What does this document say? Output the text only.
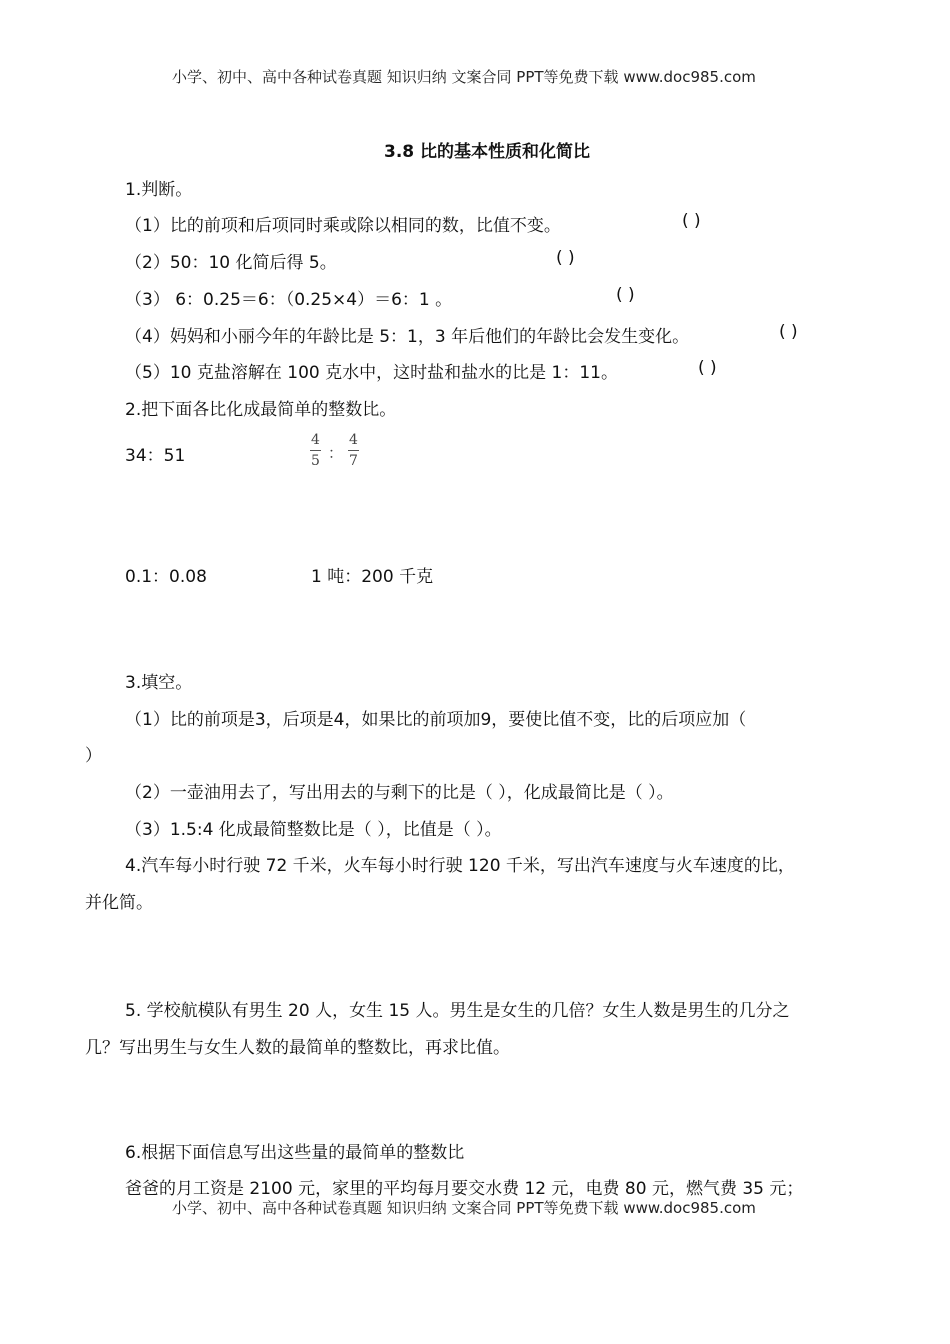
小学、初中、高中各种试卷真题 知识归纳 文案合同 PPT等免费下载 www.doc985.com
3.8 比的基本性质和化简比
1.判断。
（1）比的前项和后项同时乘或除以相同的数，比值不变。	( )
（2）50：10 化简后得 5。	( )
（3） 6：0.25＝6：（0.25×4）＝6：1 。	( )
（4）妈妈和小丽今年的年龄比是 5：1，3 年后他们的年龄比会发生变化。	( )
（5）10 克盐溶解在 100 克水中，这时盐和盐水的比是 1：11。	( )
2.把下面各比化成最简单的整数比。
34：51
4
5 ：
4
7
0.1：0.08	1 吨：200 千克
3.填空。
（1）比的前项是3，后项是4，如果比的前项加9，要使比值不变，比的后项应加（
）
（2）一壶油用去了，写出用去的与剩下的比是（ ），化成最简比是（ ）。
（3）1.5:4 化成最简整数比是（ ），比值是（ ）。
4.汽车每小时行驶 72 千米，火车每小时行驶 120 千米，写出汽车速度与火车速度的比，
并化简。
5. 学校航模队有男生 20 人，女生 15 人。男生是女生的几倍？女生人数是男生的几分之
几？写出男生与女生人数的最简单的整数比，再求比值。
6.根据下面信息写出这些量的最简单的整数比
爸爸的月工资是 2100 元，家里的平均每月要交水费 12 元，电费 80 元，燃气费 35 元；
小学、初中、高中各种试卷真题 知识归纳 文案合同 PPT等免费下载 www.doc985.com
